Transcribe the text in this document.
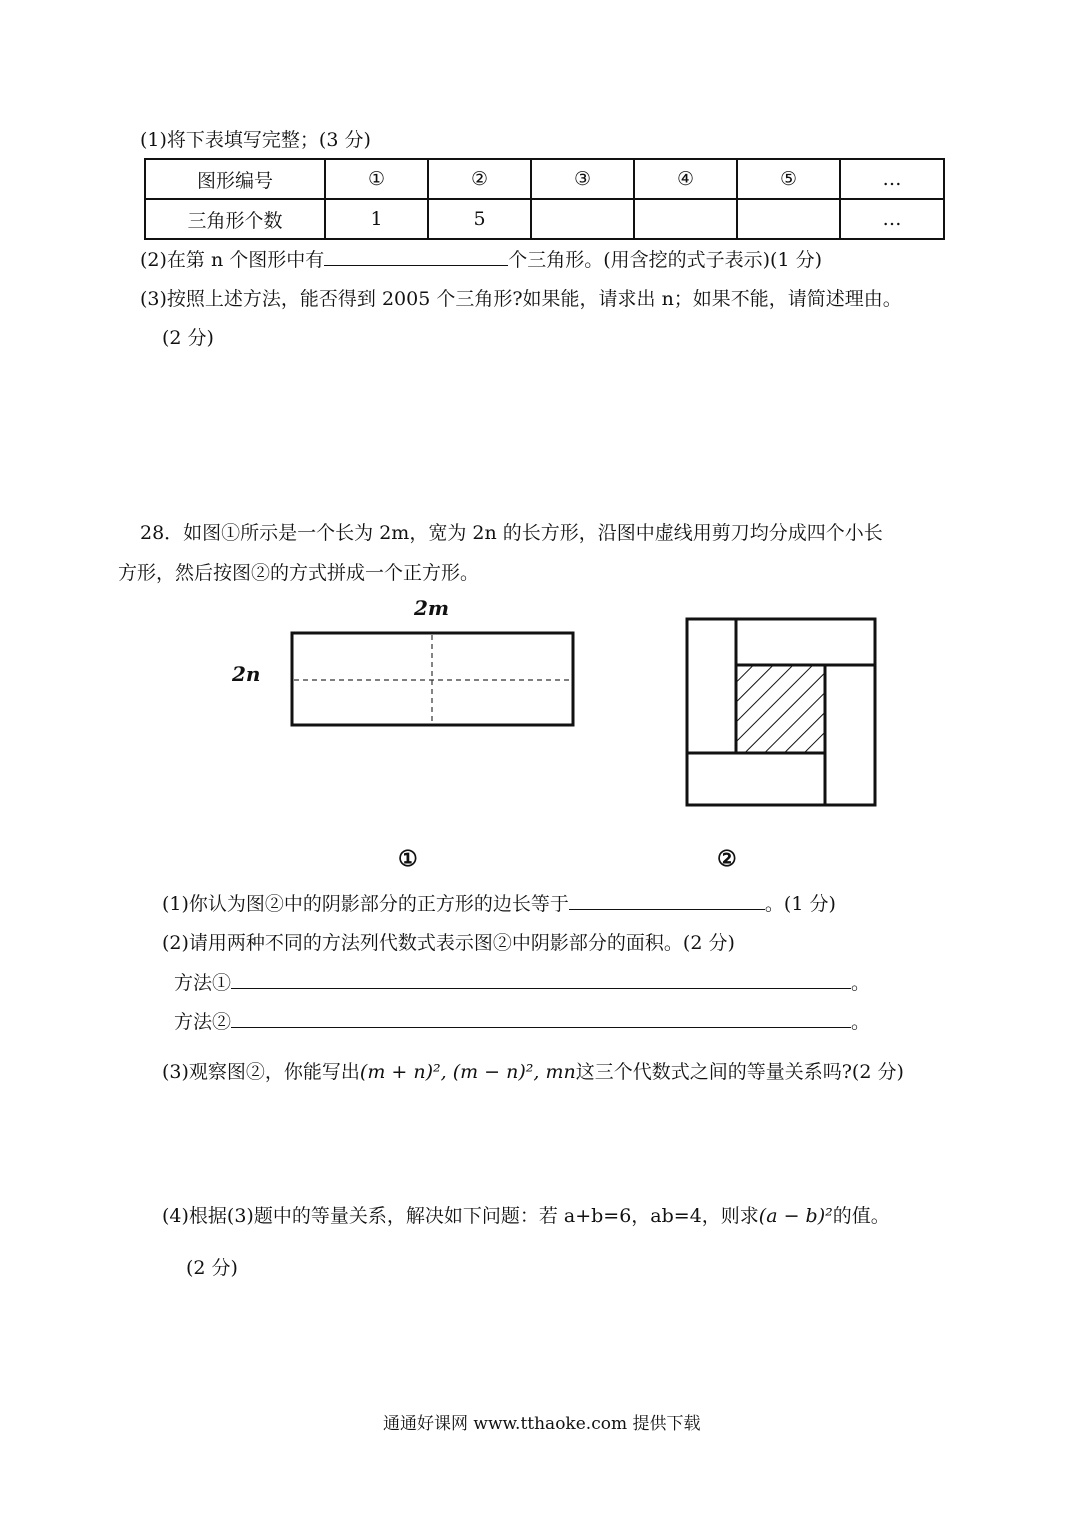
(1)将下表填写完整；(3 分)
图形编号	①	②	③	④	⑤	…
三角形个数	1	5				…
(2)在第 n 个图形中有	个三角形。(用含挖的式子表示)(1 分)
(3)按照上述方法，能否得到 2005 个三角形?如果能，请求出 n；如果不能，请简述理由。
(2 分)
28．如图①所示是一个长为 2m，宽为 2n 的长方形，沿图中虚线用剪刀均分成四个小长
方形，然后按图②的方式拼成一个正方形。
2m
2n
①	②
(1)你认为图②中的阴影部分的正方形的边长等于	。(1 分)
(2)请用两种不同的方法列代数式表示图②中阴影部分的面积。(2 分)
方法①	。
方法②	。
(3)观察图②，你能写出(m + n)², (m − n)², mn这三个代数式之间的等量关系吗?(2 分)
(4)根据(3)题中的等量关系，解决如下问题：若 a+b=6，ab=4，则求(a − b)²的值。
(2 分)
通通好课网 www.tthaoke.com 提供下载
